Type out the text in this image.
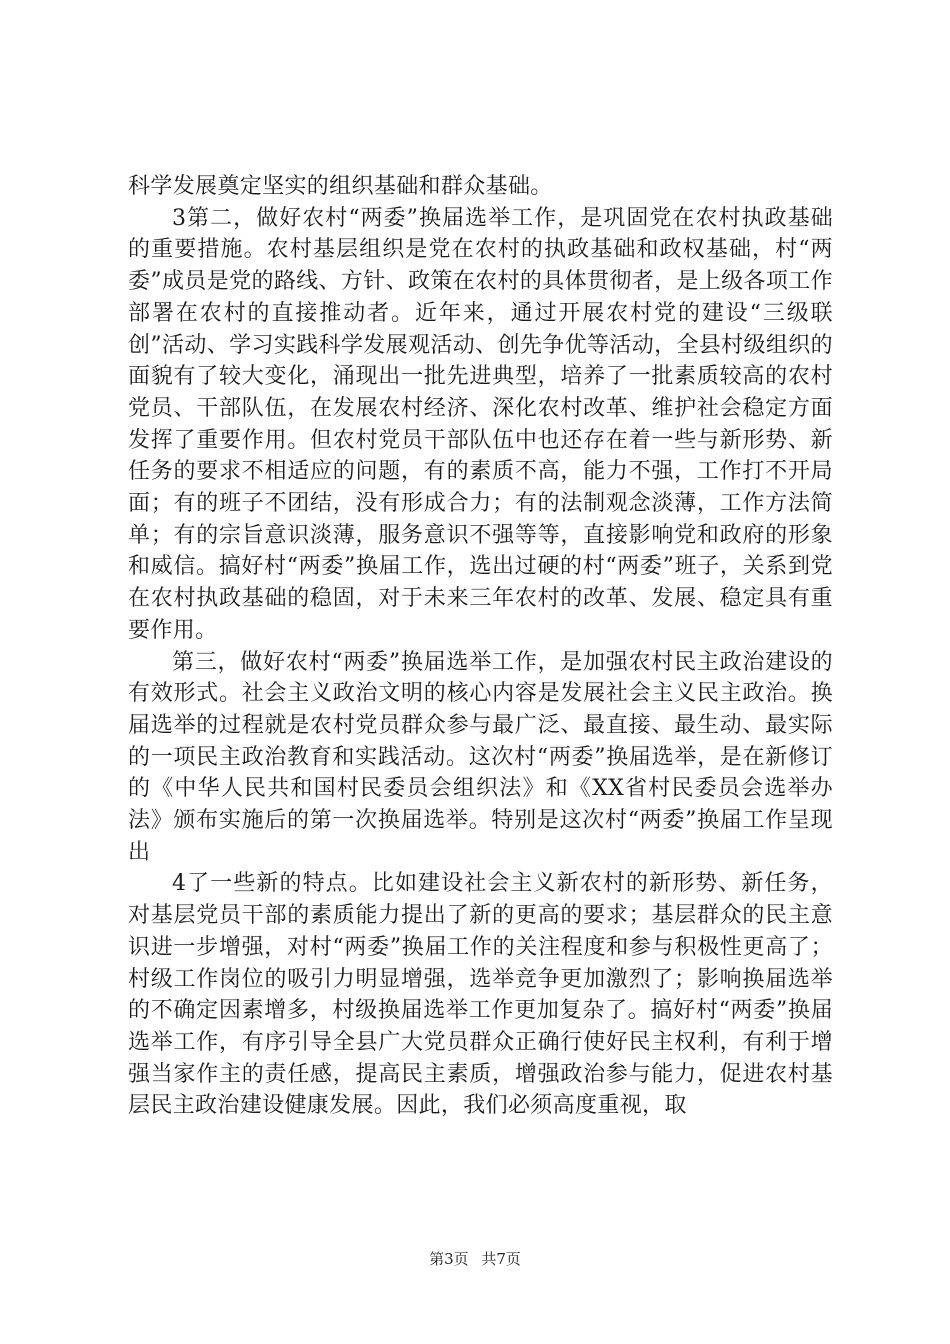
科学发展奠定坚实的组织基础和群众基础。

3第二，做好农村“两委”换届选举工作，是巩固党在农村执政基础的重要措施。农村基层组织是党在农村的执政基础和政权基础，村“两委”成员是党的路线、方针、政策在农村的具体贯彻者，是上级各项工作部署在农村的直接推动者。近年来，通过开展农村党的建设“三级联创”活动、学习实践科学发展观活动、创先争优等活动，全县村级组织的面貌有了较大变化，涌现出一批先进典型，培养了一批素质较高的农村党员、干部队伍，在发展农村经济、深化农村改革、维护社会稳定方面发挥了重要作用。但农村党员干部队伍中也还存在着一些与新形势、新任务的要求不相适应的问题，有的素质不高，能力不强，工作打不开局面；有的班子不团结，没有形成合力；有的法制观念淡薄，工作方法简单；有的宗旨意识淡薄，服务意识不强等等，直接影响党和政府的形象和威信。搞好村“两委”换届工作，选出过硬的村“两委”班子，关系到党在农村执政基础的稳固，对于未来三年农村的改革、发展、稳定具有重要作用。

第三，做好农村“两委”换届选举工作，是加强农村民主政治建设的有效形式。社会主义政治文明的核心内容是发展社会主义民主政治。换届选举的过程就是农村党员群众参与最广泛、最直接、最生动、最实际的一项民主政治教育和实践活动。这次村“两委”换届选举，是在新修订的《中华人民共和国村民委员会组织法》和《XX省村民委员会选举办法》颁布实施后的第一次换届选举。特别是这次村“两委”换届工作呈现出

4了一些新的特点。比如建设社会主义新农村的新形势、新任务，对基层党员干部的素质能力提出了新的更高的要求；基层群众的民主意识进一步增强，对村“两委”换届工作的关注程度和参与积极性更高了；村级工作岗位的吸引力明显增强，选举竞争更加激烈了；影响换届选举的不确定因素增多，村级换届选举工作更加复杂了。搞好村“两委”换届选举工作，有序引导全县广大党员群众正确行使好民主权利，有利于增强当家作主的责任感，提高民主素质，增强政治参与能力，促进农村基层民主政治建设健康发展。因此，我们必须高度重视，取

第3页 共7页
